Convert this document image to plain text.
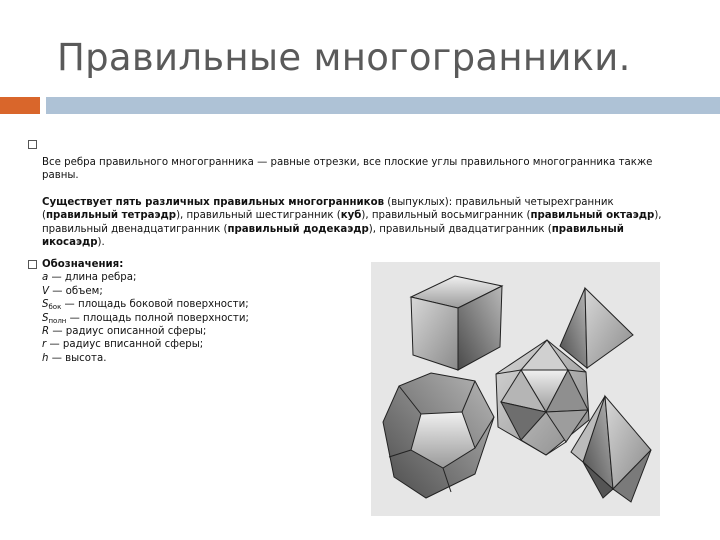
Правильные многогранники.
Все ребра правильного многогранника — равные отрезки, все плоские углы правильного многогранника также равны.
Существует пять различных правильных многогранников (выпуклых): правильный четырехгранник (правильный тетраэдр), правильный шестигранник (куб), правильный восьмигранник (правильный октаэдр), правильный двенадцатигранник (правильный додекаэдр), правильный двадцатигранник (правильный икосаэдр).
Обозначения:
a — длина ребра;
V — объем;
$S_{бок}$ — площадь боковой поверхности;
$S_{полн}$ — площадь полной поверхности;
R — радиус описанной сферы;
r — радиус вписанной сферы;
h — высота.
